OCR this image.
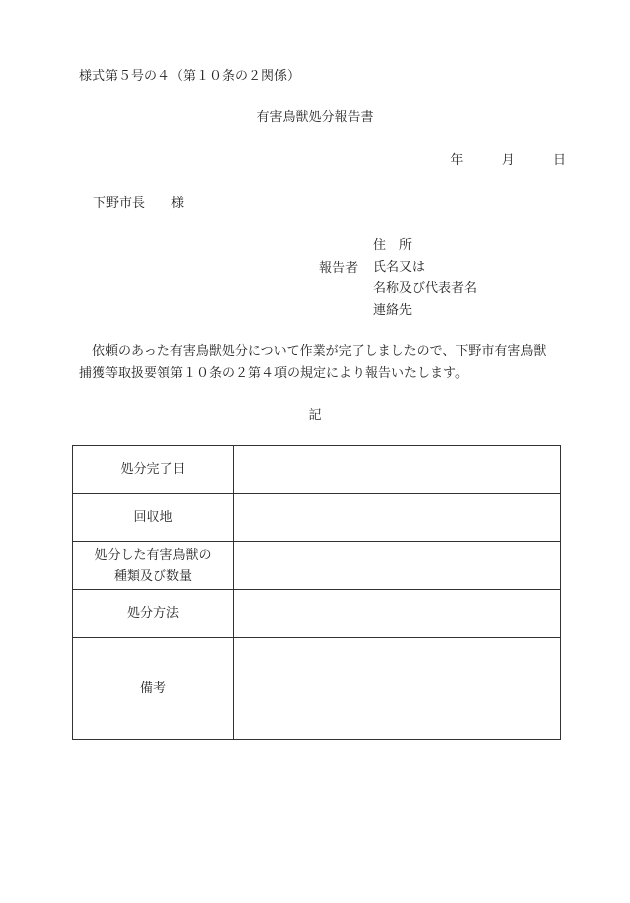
様式第５号の４（第１０条の２関係）
有害鳥獣処分報告書
年	月	日
下野市長　　様
報告者
住　所
氏名又は
名称及び代表者名
連絡先
　依頼のあった有害鳥獣処分について作業が完了しましたので、下野市有害鳥獣捕獲等取扱要領第１０条の２第４項の規定により報告いたします。
記
処分完了日	
回収地	
処分した有害鳥獣の種類及び数量	
処分方法	
備考	
